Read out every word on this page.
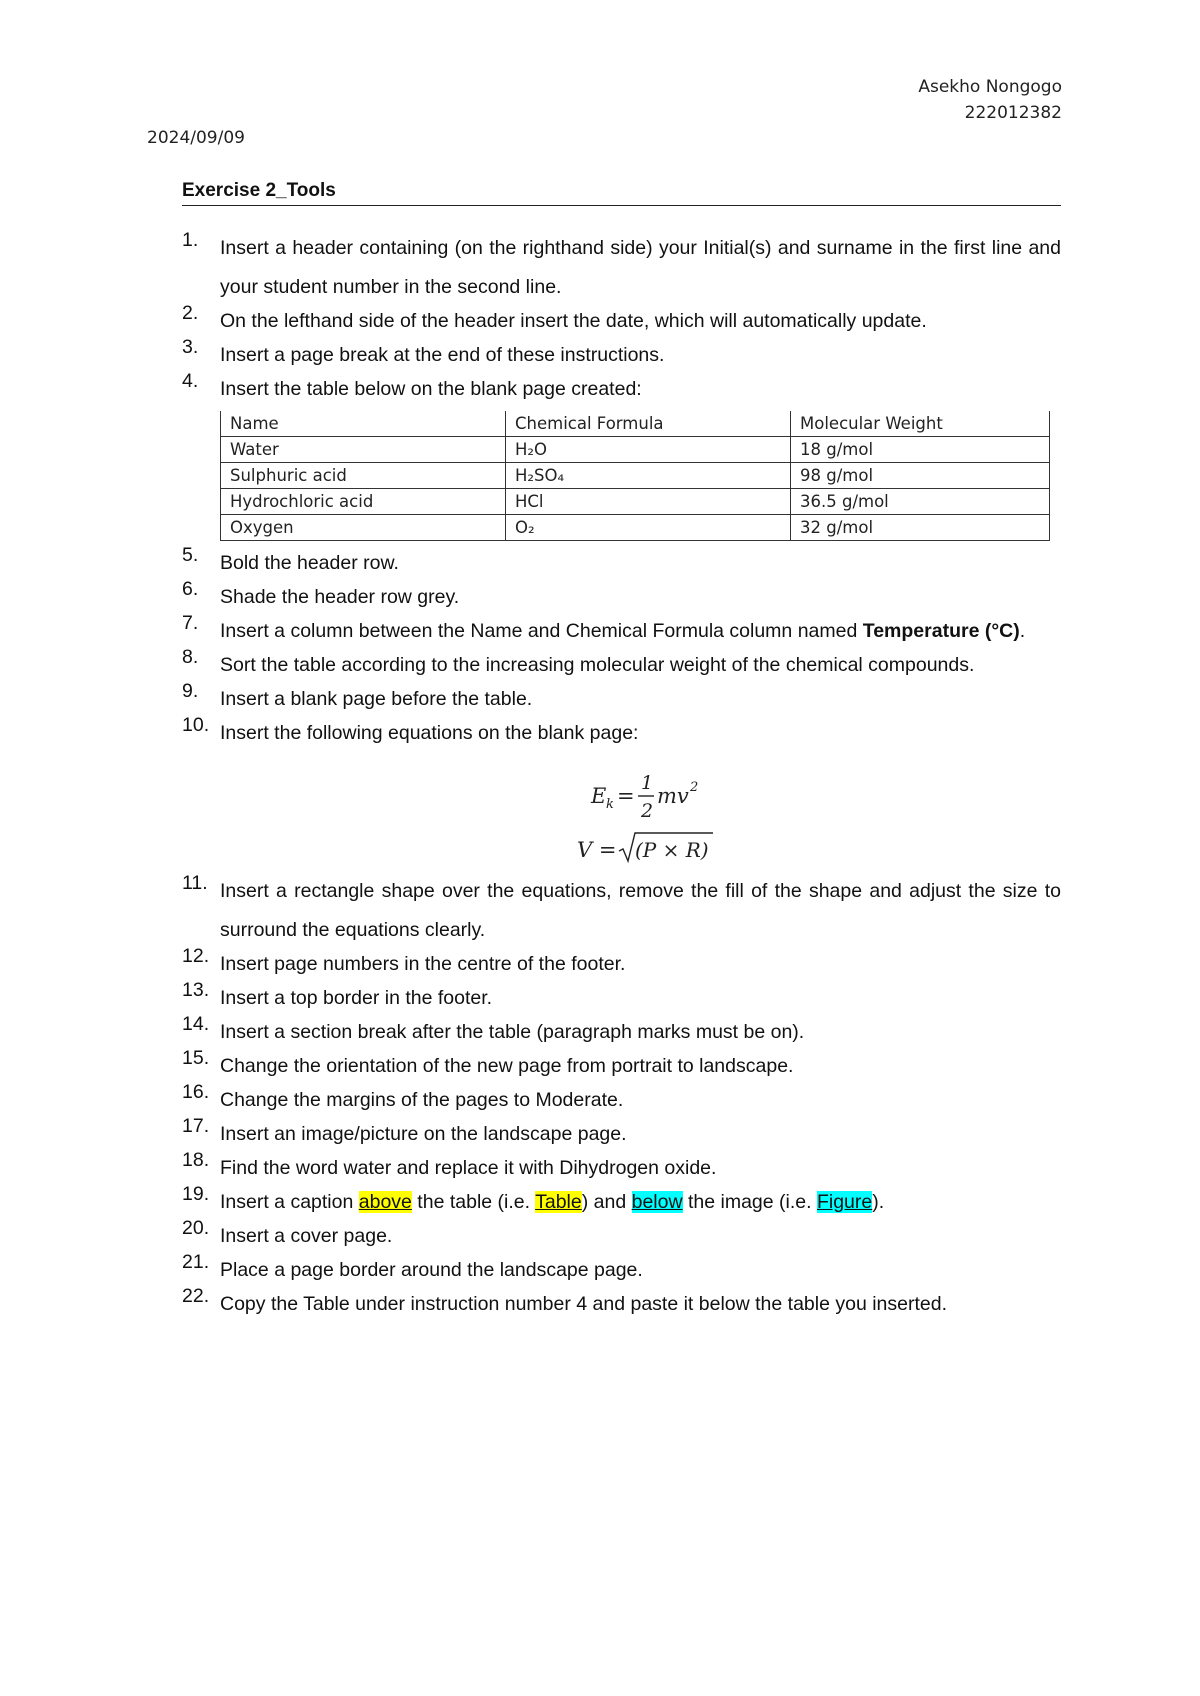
Asekho Nongogo
222012382
2024/09/09
Exercise 2_Tools
1. Insert a header containing (on the righthand side) your Initial(s) and surname in the first line and your student number in the second line.
2. On the lefthand side of the header insert the date, which will automatically update.
3. Insert a page break at the end of these instructions.
4. Insert the table below on the blank page created:
Name	Chemical Formula	Molecular Weight
Water	H₂O	18 g/mol
Sulphuric acid	H₂SO₄	98 g/mol
Hydrochloric acid	HCl	36.5 g/mol
Oxygen	O₂	32 g/mol
5. Bold the header row.
6. Shade the header row grey.
7. Insert a column between the Name and Chemical Formula column named Temperature (°C).
8. Sort the table according to the increasing molecular weight of the chemical compounds.
9. Insert a blank page before the table.
10. Insert the following equations on the blank page:
E k =
1
2
mv 2
V = (P × R)
11. Insert a rectangle shape over the equations, remove the fill of the shape and adjust the size to surround the equations clearly.
12. Insert page numbers in the centre of the footer.
13. Insert a top border in the footer.
14. Insert a section break after the table (paragraph marks must be on).
15. Change the orientation of the new page from portrait to landscape.
16. Change the margins of the pages to Moderate.
17. Insert an image/picture on the landscape page.
18. Find the word water and replace it with Dihydrogen oxide.
19. Insert a caption above the table (i.e. Table) and below the image (i.e. Figure).
20. Insert a cover page.
21. Place a page border around the landscape page.
22. Copy the Table under instruction number 4 and paste it below the table you inserted.
